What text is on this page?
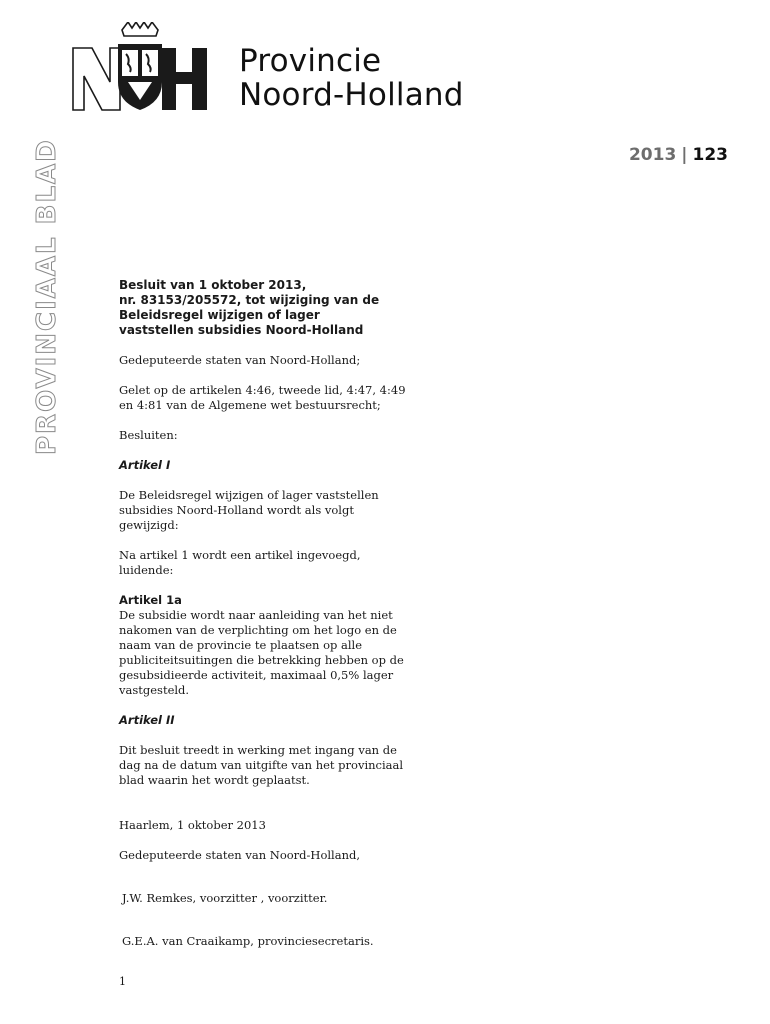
Provincie
Noord-Holland
2013 | 123
PROVINCIAAL BLAD	Besluit van 1 oktober 2013,

nr. 83153/205572, tot wijziging van de

Beleidsregel wijzigen of lager

vaststellen subsidies Noord-Holland

Gedeputeerde staten van Noord-Holland;

Gelet op de artikelen 4:46, tweede lid, 4:47, 4:49

en 4:81 van de Algemene wet bestuursrecht;

Besluiten:

Artikel I

De Beleidsregel wijzigen of lager vaststellen

subsidies Noord-Holland wordt als volgt

gewijzigd:

Na artikel 1 wordt een artikel ingevoegd,

luidende:

Artikel 1a

De subsidie wordt naar aanleiding van het niet

nakomen van de verplichting om het logo en de

naam van de provincie te plaatsen op alle

publiciteitsuitingen die betrekking hebben op de

gesubsidieerde activiteit, maximaal 0,5% lager

vastgesteld.

Artikel II

Dit besluit treedt in werking met ingang van de

dag na de datum van uitgifte van het provinciaal

blad waarin het wordt geplaatst.

Haarlem, 1 oktober 2013

Gedeputeerde staten van Noord-Holland,

J.W. Remkes, voorzitter , voorzitter.

G.E.A. van Craaikamp, provinciesecretaris.

1
